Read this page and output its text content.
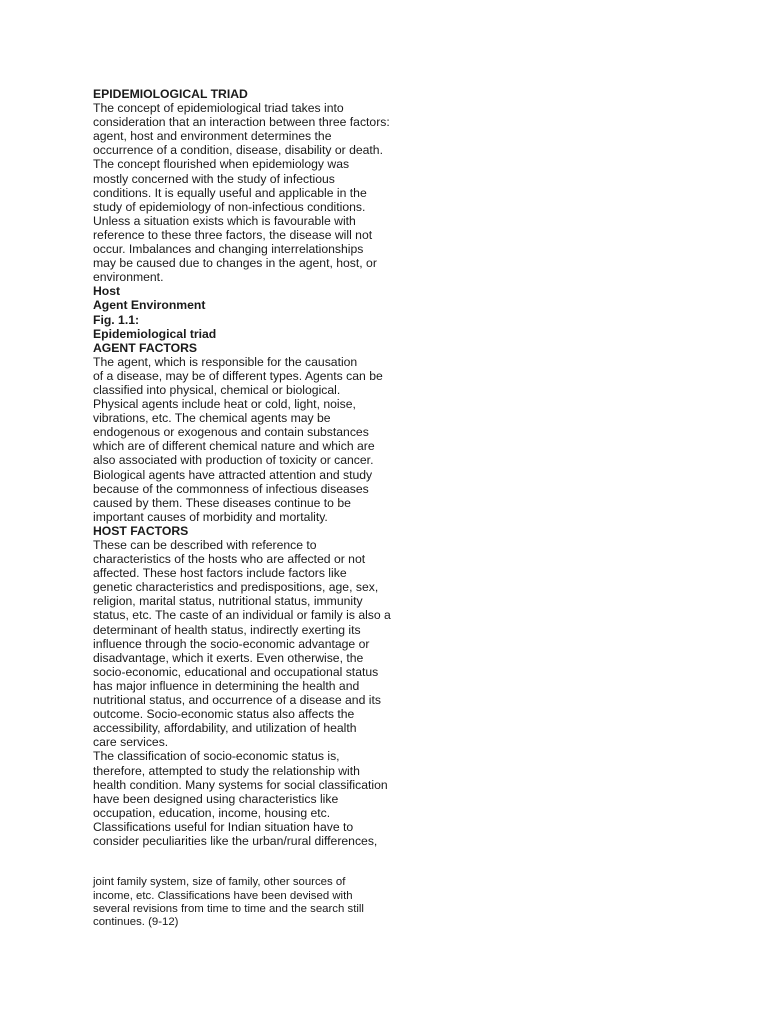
EPIDEMIOLOGICAL TRIAD
The concept of epidemiological triad takes into
consideration that an interaction between three factors:
agent, host and environment determines the
occurrence of a condition, disease, disability or death.
The concept flourished when epidemiology was
mostly concerned with the study of infectious
conditions. It is equally useful and applicable in the
study of epidemiology of non-infectious conditions.
Unless a situation exists which is favourable with
reference to these three factors, the disease will not
occur. Imbalances and changing interrelationships
may be caused due to changes in the agent, host, or
environment.
Host
Agent Environment
Fig. 1.1:
Epidemiological triad
AGENT FACTORS
The agent, which is responsible for the causation
of a disease, may be of different types. Agents can be
classified into physical, chemical or biological.
Physical agents include heat or cold, light, noise,
vibrations, etc. The chemical agents may be
endogenous or exogenous and contain substances
which are of different chemical nature and which are
also associated with production of toxicity or cancer.
Biological agents have attracted attention and study
because of the commonness of infectious diseases
caused by them. These diseases continue to be
important causes of morbidity and mortality.
HOST FACTORS
These can be described with reference to
characteristics of the hosts who are affected or not
affected. These host factors include factors like
genetic characteristics and predispositions, age, sex,
religion, marital status, nutritional status, immunity
status, etc. The caste of an individual or family is also a
determinant of health status, indirectly exerting its
influence through the socio-economic advantage or
disadvantage, which it exerts. Even otherwise, the
socio-economic, educational and occupational status
has major influence in determining the health and
nutritional status, and occurrence of a disease and its
outcome. Socio-economic status also affects the
accessibility, affordability, and utilization of health
care services.
The classification of socio-economic status is,
therefore, attempted to study the relationship with
health condition. Many systems for social classification
have been designed using characteristics like
occupation, education, income, housing etc.
Classifications useful for Indian situation have to
consider peculiarities like the urban/rural differences,
joint family system, size of family, other sources of
income, etc. Classifications have been devised with
several revisions from time to time and the search still
continues. (9-12)
